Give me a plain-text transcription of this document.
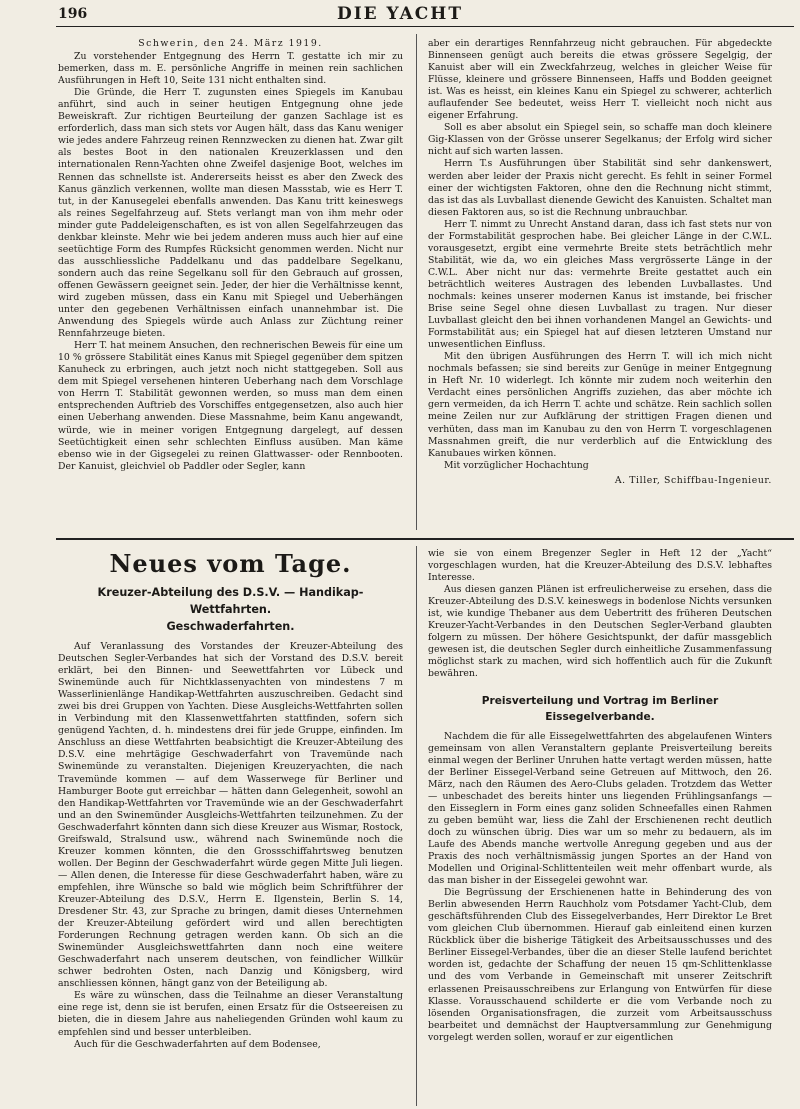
196	DIE YACHT
Schwerin, den 24. März 1919.

Zu vorstehender Entgegnung des Herrn T. gestatte ich mir zu bemerken, dass m. E. persönliche Angriffe in meinen rein sachlichen Ausführungen in Heft 10, Seite 131 nicht enthalten sind.

Die Gründe, die Herr T. zugunsten eines Spiegels im Kanubau anführt, sind auch in seiner heutigen Entgegnung ohne jede Beweiskraft. Zur richtigen Beurteilung der ganzen Sachlage ist es erforderlich, dass man sich stets vor Augen hält, dass das Kanu weniger wie jedes andere Fahrzeug reinen Rennzwecken zu dienen hat. Zwar gilt als bestes Boot in den nationalen Kreuzerklassen und den internationalen Renn-Yachten ohne Zweifel dasjenige Boot, welches im Rennen das schnellste ist. Andererseits heisst es aber den Zweck des Kanus gänzlich verkennen, wollte man diesen Massstab, wie es Herr T. tut, in der Kanusegelei ebenfalls anwenden. Das Kanu tritt keineswegs als reines Segelfahrzeug auf. Stets verlangt man von ihm mehr oder minder gute Paddeleigenschaften, es ist von allen Segelfahrzeugen das denkbar kleinste. Mehr wie bei jedem anderen muss auch hier auf eine seetüchtige Form des Rumpfes Rücksicht genommen werden. Nicht nur das ausschliessliche Paddelkanu und das paddelbare Segelkanu, sondern auch das reine Segelkanu soll für den Gebrauch auf grossen, offenen Gewässern geeignet sein. Jeder, der hier die Verhältnisse kennt, wird zugeben müssen, dass ein Kanu mit Spiegel und Ueberhängen unter den gegebenen Verhältnissen einfach unannehmbar ist. Die Anwendung des Spiegels würde auch Anlass zur Züchtung reiner Rennfahrzeuge bieten.

Herr T. hat meinem Ansuchen, den rechnerischen Beweis für eine um 10 % grössere Stabilität eines Kanus mit Spiegel gegenüber dem spitzen Kanuheck zu erbringen, auch jetzt noch nicht stattgegeben. Soll aus dem mit Spiegel versehenen hinteren Ueberhang nach dem Vorschlage von Herrn T. Stabilität gewonnen werden, so muss man dem einen entsprechenden Auftrieb des Vorschiffes entgegensetzen, also auch hier einen Ueberhang anwenden. Diese Massnahme, beim Kanu angewandt, würde, wie in meiner vorigen Entgegnung dargelegt, auf dessen Seetüchtigkeit einen sehr schlechten Einfluss ausüben. Man käme ebenso wie in der Gigsegelei zu reinen Glattwasser- oder Rennbooten. Der Kanuist, gleichviel ob Paddler oder Segler, kann

aber ein derartiges Rennfahrzeug nicht gebrauchen. Für abgedeckte Binnenseen genügt auch bereits die etwas grössere Segelgig, der Kanuist aber will ein Zweckfahrzeug, welches in gleicher Weise für Flüsse, kleinere und grössere Binnenseen, Haffs und Bodden geeignet ist. Was es heisst, ein kleines Kanu ein Spiegel zu schwerer, achterlich auflaufender See bedeutet, weiss Herr T. vielleicht noch nicht aus eigener Erfahrung.

Soll es aber absolut ein Spiegel sein, so schaffe man doch kleinere Gig-Klassen von der Grösse unserer Segelkanus; der Erfolg wird sicher nicht auf sich warten lassen.

Herrn T.s Ausführungen über Stabilität sind sehr dankenswert, werden aber leider der Praxis nicht gerecht. Es fehlt in seiner Formel einer der wichtigsten Faktoren, ohne den die Rechnung nicht stimmt, das ist das als Luvballast dienende Gewicht des Kanuisten. Schaltet man diesen Faktoren aus, so ist die Rechnung unbrauchbar.

Herr T. nimmt zu Unrecht Anstand daran, dass ich fast stets nur von der Formstabilität gesprochen habe. Bei gleicher Länge in der C.W.L. vorausgesetzt, ergibt eine vermehrte Breite stets beträchtlich mehr Stabilität, wie da, wo ein gleiches Mass vergrösserte Länge in der C.W.L. Aber nicht nur das: vermehrte Breite gestattet auch ein beträchtlich weiteres Austragen des lebenden Luvballastes. Und nochmals: keines unserer modernen Kanus ist imstande, bei frischer Brise seine Segel ohne diesen Luvballast zu tragen. Nur dieser Luvballast gleicht den bei ihnen vorhandenen Mangel an Gewichts- und Formstabilität aus; ein Spiegel hat auf diesen letzteren Umstand nur unwesentlichen Einfluss.

Mit den übrigen Ausführungen des Herrn T. will ich mich nicht nochmals befassen; sie sind bereits zur Genüge in meiner Entgegnung in Heft Nr. 10 widerlegt. Ich könnte mir zudem noch weiterhin den Verdacht eines persönlichen Angriffs zuziehen, das aber möchte ich gern vermeiden, da ich Herrn T. achte und schätze. Rein sachlich sollen meine Zeilen nur zur Aufklärung der strittigen Fragen dienen und verhüten, dass man im Kanubau zu den von Herrn T. vorgeschlagenen Massnahmen greift, die nur verderblich auf die Entwicklung des Kanubaues wirken können.

Mit vorzüglicher Hochachtung

A. Tiller, Schiffbau-Ingenieur.
Neues vom Tage.
Kreuzer-Abteilung des D.S.V. — Handikap-Wettfahrten.
Geschwaderfahrten.

Auf Veranlassung des Vorstandes der Kreuzer-Abteilung des Deutschen Segler-Verbandes hat sich der Vorstand des D.S.V. bereit erklärt, bei den Binnen- und Seewettfahrten vor Lübeck und Swinemünde auch für Nichtklassenyachten von mindestens 7 m Wasserlinienlänge Handikap-Wettfahrten auszuschreiben. Gedacht sind zwei bis drei Gruppen von Yachten. Diese Ausgleichs-Wettfahrten sollen in Verbindung mit den Klassenwettfahrten stattfinden, sofern sich genügend Yachten, d. h. mindestens drei für jede Gruppe, einfinden. Im Anschluss an diese Wettfahrten beabsichtigt die Kreuzer-Abteilung des D.S.V. eine mehrtägige Geschwaderfahrt von Travemünde nach Swinemünde zu veranstalten. Diejenigen Kreuzeryachten, die nach Travemünde kommen — auf dem Wasserwege für Berliner und Hamburger Boote gut erreichbar — hätten dann Gelegenheit, sowohl an den Handikap-Wettfahrten vor Travemünde wie an der Geschwaderfahrt und an den Swinemünder Ausgleichs-Wettfahrten teilzunehmen. Zu der Geschwaderfahrt könnten dann sich diese Kreuzer aus Wismar, Rostock, Greifswald, Stralsund usw., während nach Swinemünde noch die Kreuzer kommen könnten, die den Grossschiffahrtsweg benutzen wollen. Der Beginn der Geschwaderfahrt würde gegen Mitte Juli liegen. — Allen denen, die Interesse für diese Geschwaderfahrt haben, wäre zu empfehlen, ihre Wünsche so bald wie möglich beim Schriftführer der Kreuzer-Abteilung des D.S.V., Herrn E. Ilgenstein, Berlin S. 14, Dresdener Str. 43, zur Sprache zu bringen, damit dieses Unternehmen der Kreuzer-Abteilung gefördert wird und allen berechtigten Forderungen Rechnung getragen werden kann. Ob sich an die Swinemünder Ausgleichswettfahrten dann noch eine weitere Geschwaderfahrt nach unserem deutschen, von feindlicher Willkür schwer bedrohten Osten, nach Danzig und Königsberg, wird anschliessen können, hängt ganz von der Beteiligung ab.

Es wäre zu wünschen, dass die Teilnahme an dieser Veranstaltung eine rege ist, denn sie ist berufen, einen Ersatz für die Ostseereisen zu bieten, die in diesem Jahre aus naheliegenden Gründen wohl kaum zu empfehlen sind und besser unterbleiben.

Auch für die Geschwaderfahrten auf dem Bodensee,

wie sie von einem Bregenzer Segler in Heft 12 der „Yacht“ vorgeschlagen wurden, hat die Kreuzer-Abteilung des D.S.V. lebhaftes Interesse.

Aus diesen ganzen Plänen ist erfreulicherweise zu ersehen, dass die Kreuzer-Abteilung des D.S.V. keineswegs in bodenlose Nichts versunken ist, wie kundige Thebaner aus dem Uebertritt des früheren Deutschen Kreuzer-Yacht-Verbandes in den Deutschen Segler-Verband glaubten folgern zu müssen. Der höhere Gesichtspunkt, der dafür massgeblich gewesen ist, die deutschen Segler durch einheitliche Zusammenfassung möglichst stark zu machen, wird sich hoffentlich auch für die Zukunft bewähren.

Preisverteilung und Vortrag im Berliner Eissegelverbande.

Nachdem die für alle Eissegelwettfahrten des abgelaufenen Winters gemeinsam von allen Veranstaltern geplante Preisverteilung bereits einmal wegen der Berliner Unruhen hatte vertagt werden müssen, hatte der Berliner Eissegel-Verband seine Getreuen auf Mittwoch, den 26. März, nach den Räumen des Aero-Clubs geladen. Trotzdem das Wetter — unbeschadet des bereits hinter uns liegenden Frühlingsanfangs — den Eisseglern in Form eines ganz soliden Schneefalles einen Rahmen zu geben bemüht war, liess die Zahl der Erschienenen recht deutlich doch zu wünschen übrig. Dies war um so mehr zu bedauern, als im Laufe des Abends manche wertvolle Anregung gegeben und aus der Praxis des noch verhältnismässig jungen Sportes an der Hand von Modellen und Original-Schlittenteilen weit mehr offenbart wurde, als das man bisher in der Eissegelei gewohnt war.

Die Begrüssung der Erschienenen hatte in Behinderung des von Berlin abwesenden Herrn Rauchholz vom Potsdamer Yacht-Club, dem geschäftsführenden Club des Eissegelverbandes, Herr Direktor Le Bret vom gleichen Club übernommen. Hierauf gab einleitend einen kurzen Rückblick über die bisherige Tätigkeit des Arbeitsausschusses und des Berliner Eissegel-Verbandes, über die an dieser Stelle laufend berichtet worden ist, gedachte der Schaffung der neuen 15 qm-Schlittenklasse und des vom Verbande in Gemeinschaft mit unserer Zeitschrift erlassenen Preisausschreibens zur Erlangung von Entwürfen für diese Klasse. Vorausschauend schilderte er die vom Verbande noch zu lösenden Organisationsfragen, die zurzeit vom Arbeitsausschuss bearbeitet und demnächst der Hauptversammlung zur Genehmigung vorgelegt werden sollen, worauf er zur eigentlichen
